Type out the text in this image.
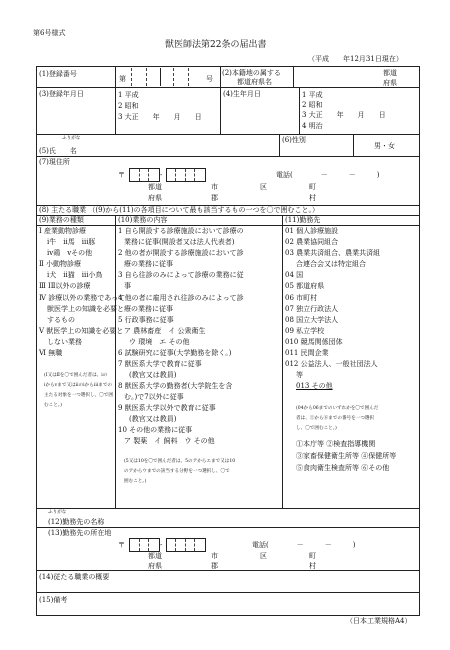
第6号様式
獣医師法第22条の届出書
（平成　　年12月31日現在）
(1)登録番号
第	号
(2)本籍地の属する
都道府県名
都道
府県
(3)登録年月日	1 平成
2 昭和
3 大正　　年　　月　　日
(4)生年月日	1 平成
2 昭和
3 大正　　年　　月　　日
4 明治
ふりがな
(5)氏　　名
(6)性別
男・女
(7)現住所
〒	-	電話(　　　　－　　　－　　　)
都道　　　　　　　市　　　　　　区　　　　　　町
府県　　　　　　　郡　　　　　　　　　　　　　村
(8) 主たる職業 （(9)から(11)の各項目について最も該当するもの一つを〇で囲むこと。）
(9)業務の種類	(10)業務の内容	(11)勤務先
Ⅰ 産業動物診療
ⅰ牛　ⅱ馬　ⅲ豚
ⅳ鶏　ⅴその他
Ⅱ 小動物診療
ⅰ犬　ⅱ猫　ⅲ小鳥
Ⅲ ⅠⅡ以外の診療
Ⅳ 診療以外の業務であって
獣医学上の知識を必要と
するもの
Ⅴ 獣医学上の知識を必要と
しない業務
Ⅵ 無職
(Ⅰ又はⅡを〇で囲んだ者は、ⅰの
ⅰからⅴまで又はⅱのⅰからⅲまでの
主たる対象を一つ選択し、〇で囲
むこと。)
1 自ら開設する診療施設において診療の
業務に従事(開設者又は法人代表者)
2 他の者が開設する診療施設において診
療の業務に従事
3 自ら往診のみによって診療の業務に従
事
4 他の者に雇用され往診のみによって診
療の業務に従事
5 行政事務に従事
ア 農林畜産　イ 公衆衛生
ウ 環境　エ その他
6 試験研究に従事(大学勤務を除く。)
7 獣医系大学で教育に従事
(教官又は教員)
8 獣医系大学の勤務者(大学院生を含
む。)で7以外に従事
9 獣医系大学以外で教育に従事
(教官又は教員)
10 その他の業務に従事
ア 製薬　イ 飼料　ウ その他
(5又は10を〇で囲んだ者は、5のアからエまで又は10
のアからウまでの該当する分野を一つ選択し、〇で
囲むこと。)
01 個人診療施設
02 農業協同組合
03 農業共済組合、農業共済組
合連合会又は特定組合
04 国
05 都道府県
06 市町村
07 独立行政法人
08 国立大学法人
09 私立学校
010 競馬関係団体
011 民間企業
012 公益法人、一般社団法人
等
013 その他
(04から06までのいずれかを〇で囲んだ
者は、①から⑥までの番号を一つ選択
し、〇で囲むこと。)
①本庁等 ②検査指導機関
③家畜保健衛生所等 ④保健所等
⑤食肉衛生検査所等 ⑥その他
ふりがな
(12)勤務先の名称
(13)勤務先の所在地
〒	-	電話(　　　　－　　　－　　　)
都道　　　　　　　市　　　　　　区　　　　　　町
府県　　　　　　　郡　　　　　　　　　　　　　村
(14)従たる職業の概要
(15)備考
（日本工業規格A4）
